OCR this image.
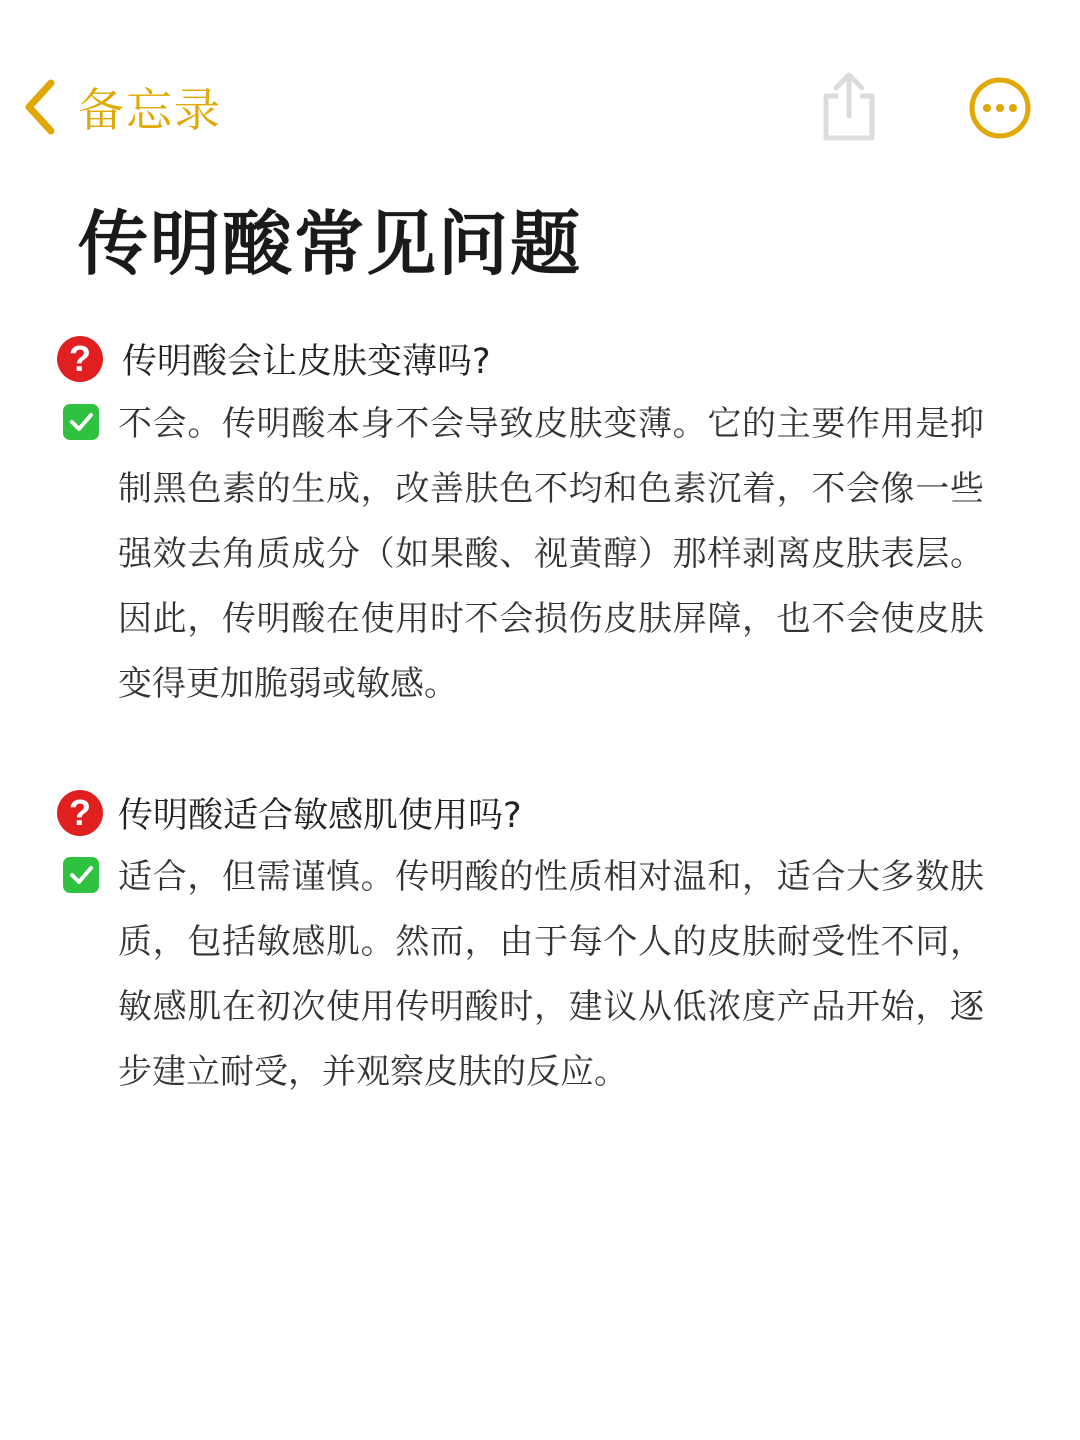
备忘录
传明酸常见问题
? 传明酸会让皮肤变薄吗?

不会。传明酸本身不会导致皮肤变薄。它的主要作用是抑制黑色素的生成，改善肤色不均和色素沉着，不会像一些强效去角质成分（如果酸、视黄醇）那样剥离皮肤表层。因此，传明酸在使用时不会损伤皮肤屏障，也不会使皮肤变得更加脆弱或敏感。

? 传明酸适合敏感肌使用吗?

适合，但需谨慎。传明酸的性质相对温和，适合大多数肤质，包括敏感肌。然而，由于每个人的皮肤耐受性不同，敏感肌在初次使用传明酸时，建议从低浓度产品开始，逐步建立耐受，并观察皮肤的反应。
